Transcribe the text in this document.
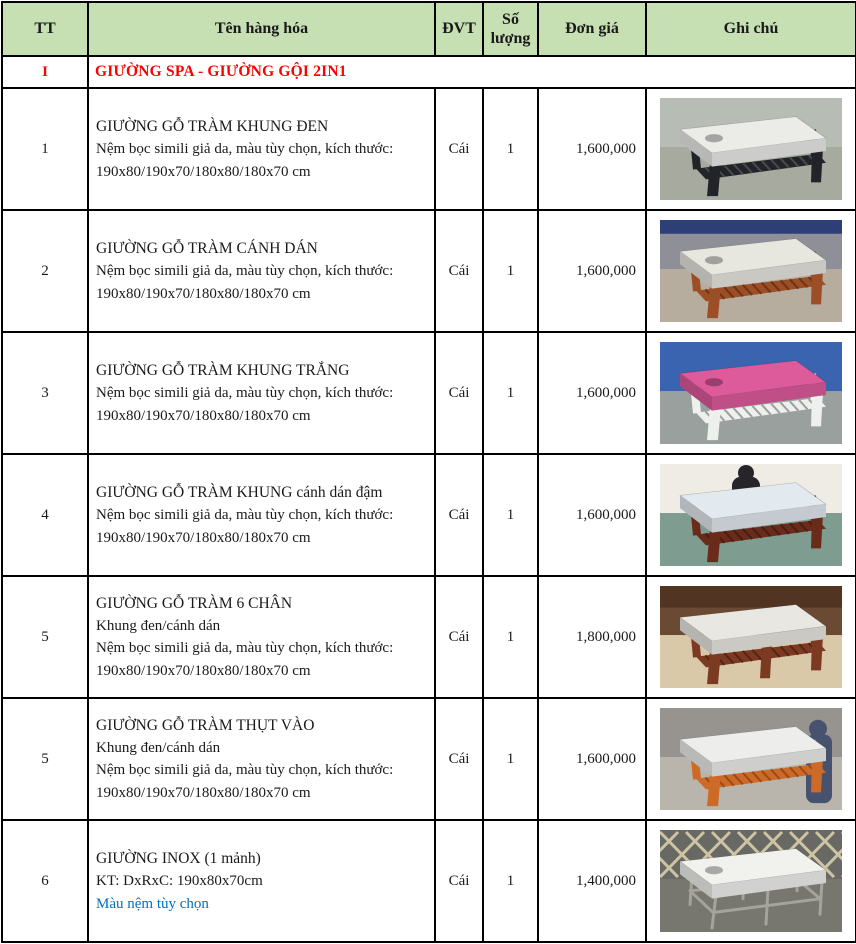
TT	Tên hàng hóa	ĐVT	Số lượng	Đơn giá	Ghi chú
I	GIƯỜNG SPA - GIƯỜNG GỘI 2IN1				
1	GIƯỜNG GỖ TRÀM KHUNG ĐEN
Nệm bọc simili giả da, màu tùy chọn, kích thước:
190x80/190x70/180x80/180x70 cm	Cái	1	1,600,000	

2	GIƯỜNG GỖ TRÀM CÁNH DÁN
Nệm bọc simili giả da, màu tùy chọn, kích thước:
190x80/190x70/180x80/180x70 cm	Cái	1	1,600,000	

3	GIƯỜNG GỖ TRÀM KHUNG TRẮNG
Nệm bọc simili giả da, màu tùy chọn, kích thước:
190x80/190x70/180x80/180x70 cm	Cái	1	1,600,000	

4	GIƯỜNG GỖ TRÀM KHUNG cánh dán đậm
Nệm bọc simili giả da, màu tùy chọn, kích thước:
190x80/190x70/180x80/180x70 cm	Cái	1	1,600,000	

5	GIƯỜNG GỖ TRÀM 6 CHÂN
Khung đen/cánh dán
Nệm bọc simili giả da, màu tùy chọn, kích thước:
190x80/190x70/180x80/180x70 cm	Cái	1	1,800,000	

5	GIƯỜNG GỖ TRÀM THỤT VÀO
Khung đen/cánh dán
Nệm bọc simili giả da, màu tùy chọn, kích thước:
190x80/190x70/180x80/180x70 cm	Cái	1	1,600,000	

6	GIƯỜNG INOX (1 mảnh)
KT: DxRxC: 190x80x70cm
Màu nệm tùy chọn	Cái	1	1,400,000	
